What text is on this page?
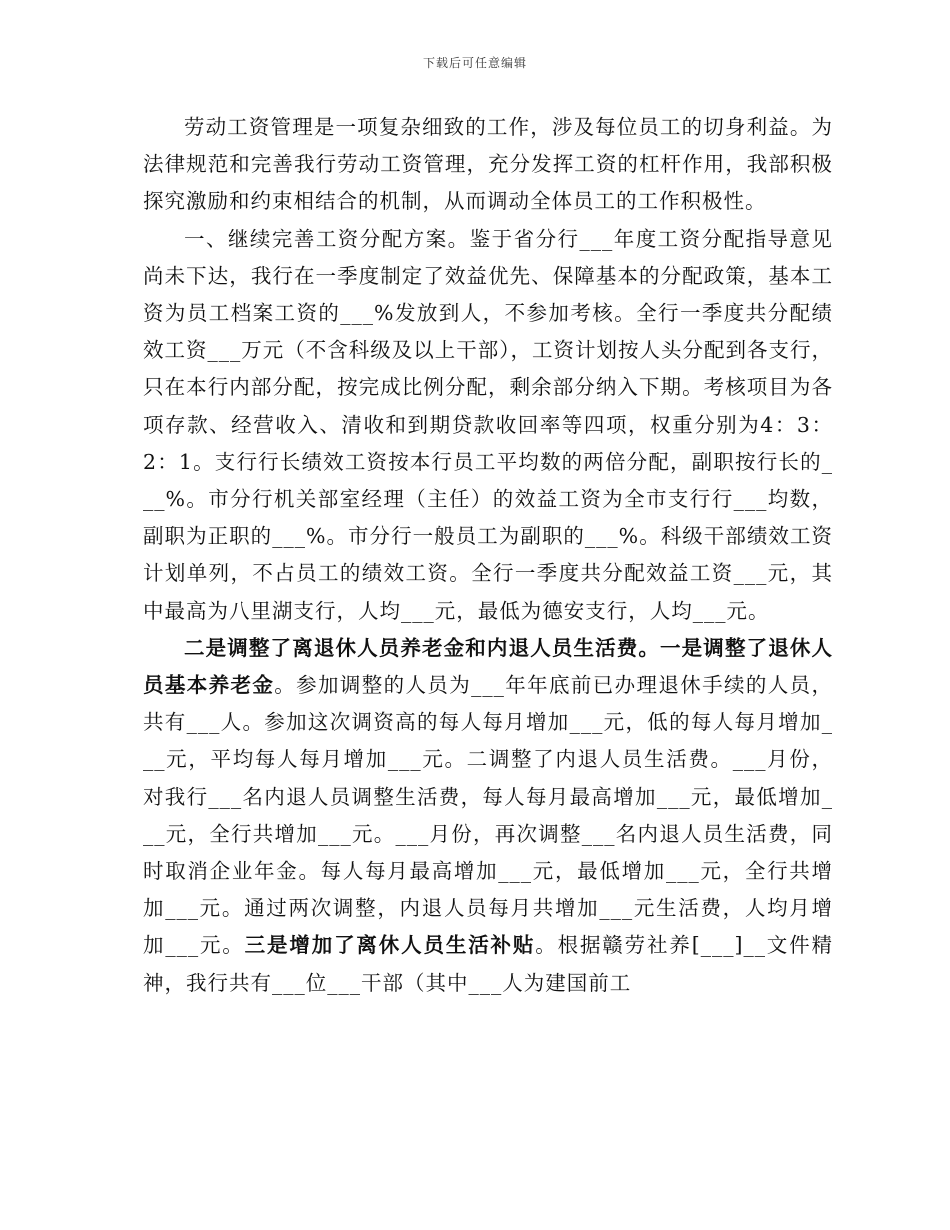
下载后可任意编辑

劳动工资管理是一项复杂细致的工作，涉及每位员工的切身利益。为法律规范和完善我行劳动工资管理，充分发挥工资的杠杆作用，我部积极探究激励和约束相结合的机制，从而调动全体员工的工作积极性。

一、继续完善工资分配方案。鉴于省分行___年度工资分配指导意见尚未下达，我行在一季度制定了效益优先、保障基本的分配政策，基本工资为员工档案工资的___%发放到人，不参加考核。全行一季度共分配绩效工资___万元（不含科级及以上干部），工资计划按人头分配到各支行，只在本行内部分配，按完成比例分配，剩余部分纳入下期。考核项目为各项存款、经营收入、清收和到期贷款收回率等四项，权重分别为4：3：2：1。支行行长绩效工资按本行员工平均数的两倍分配，副职按行长的___%。市分行机关部室经理（主任）的效益工资为全市支行行___均数，副职为正职的___%。市分行一般员工为副职的___%。科级干部绩效工资计划单列，不占员工的绩效工资。全行一季度共分配效益工资___元，其中最高为八里湖支行，人均___元，最低为德安支行，人均___元。

二是调整了离退休人员养老金和内退人员生活费。一是调整了退休人员基本养老金。参加调整的人员为___年年底前已办理退休手续的人员，共有___人。参加这次调资高的每人每月增加___元，低的每人每月增加___元，平均每人每月增加___元。二调整了内退人员生活费。___月份，对我行___名内退人员调整生活费，每人每月最高增加___元，最低增加___元，全行共增加___元。___月份，再次调整___名内退人员生活费，同时取消企业年金。每人每月最高增加___元，最低增加___元，全行共增加___元。通过两次调整，内退人员每月共增加___元生活费，人均月增加___元。三是增加了离休人员生活补贴。根据赣劳社养[___]__文件精神，我行共有___位___干部（其中___人为建国前工
